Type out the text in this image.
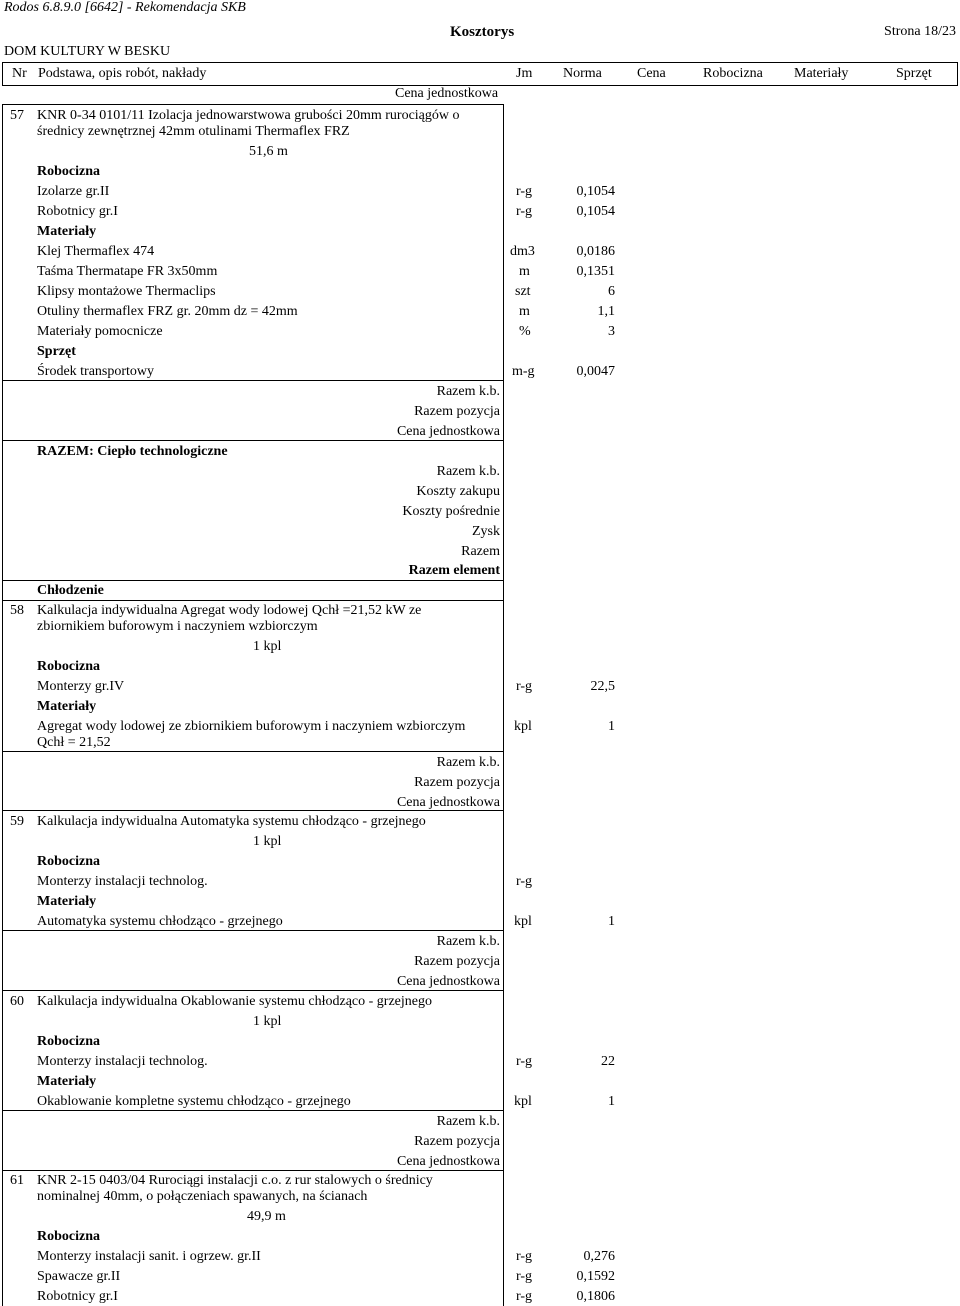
Rodos 6.8.9.0 [6642] - Rekomendacja SKB
Kosztorys	Strona 18/23
DOM KULTURY W BESKU
Nr Podstawa, opis robót, nakłady	Jm Norma	Cena	Robocizna Materiały	Sprzęt
Cena jednostkowa
57 KNR 0-34 0101/11 Izolacja jednowarstwowa grubości 20mm rurociągów o
średnicy zewnętrznej 42mm otulinami Thermaflex FRZ
51,6 m
Robocizna
Izolarze gr.II	r-g	0,1054
Robotnicy gr.I	r-g	0,1054
Materiały
Klej Thermaflex 474	dm3	0,0186
Taśma Thermatape FR 3x50mm	m	0,1351
Klipsy montażowe Thermaclips	szt	6
Otuliny thermaflex FRZ gr. 20mm dz = 42mm	m	1,1
Materiały pomocnicze	%	3
Sprzęt
Środek transportowy	m-g	0,0047
Razem k.b.
Razem pozycja
Cena jednostkowa
RAZEM: Ciepło technologiczne
Razem k.b.
Koszty zakupu
Koszty pośrednie
Zysk
Razem
Razem element
Chłodzenie
58 Kalkulacja indywidualna Agregat wody lodowej Qchł =21,52 kW ze
zbiornikiem buforowym i naczyniem wzbiorczym
1 kpl
Robocizna
Monterzy gr.IV	r-g	22,5
Materiały
Agregat wody lodowej ze zbiornikiem buforowym i naczyniem wzbiorczym
Qchł = 21,52
kpl	1
Razem k.b.
Razem pozycja
Cena jednostkowa
59 Kalkulacja indywidualna Automatyka systemu chłodząco - grzejnego
1 kpl
Robocizna
Monterzy instalacji technolog.	r-g
Materiały
Automatyka systemu chłodząco - grzejnego	kpl	1
Razem k.b.
Razem pozycja
Cena jednostkowa
60 Kalkulacja indywidualna Okablowanie systemu chłodząco - grzejnego
1 kpl
Robocizna
Monterzy instalacji technolog.	r-g	22
Materiały
Okablowanie kompletne systemu chłodząco - grzejnego	kpl	1
Razem k.b.
Razem pozycja
Cena jednostkowa
61 KNR 2-15 0403/04 Rurociągi instalacji c.o. z rur stalowych o średnicy
nominalnej 40mm, o połączeniach spawanych, na ścianach
49,9 m
Robocizna
Monterzy instalacji sanit. i ogrzew. gr.II	r-g	0,276
Spawacze gr.II	r-g	0,1592
Robotnicy gr.I	r-g	0,1806
